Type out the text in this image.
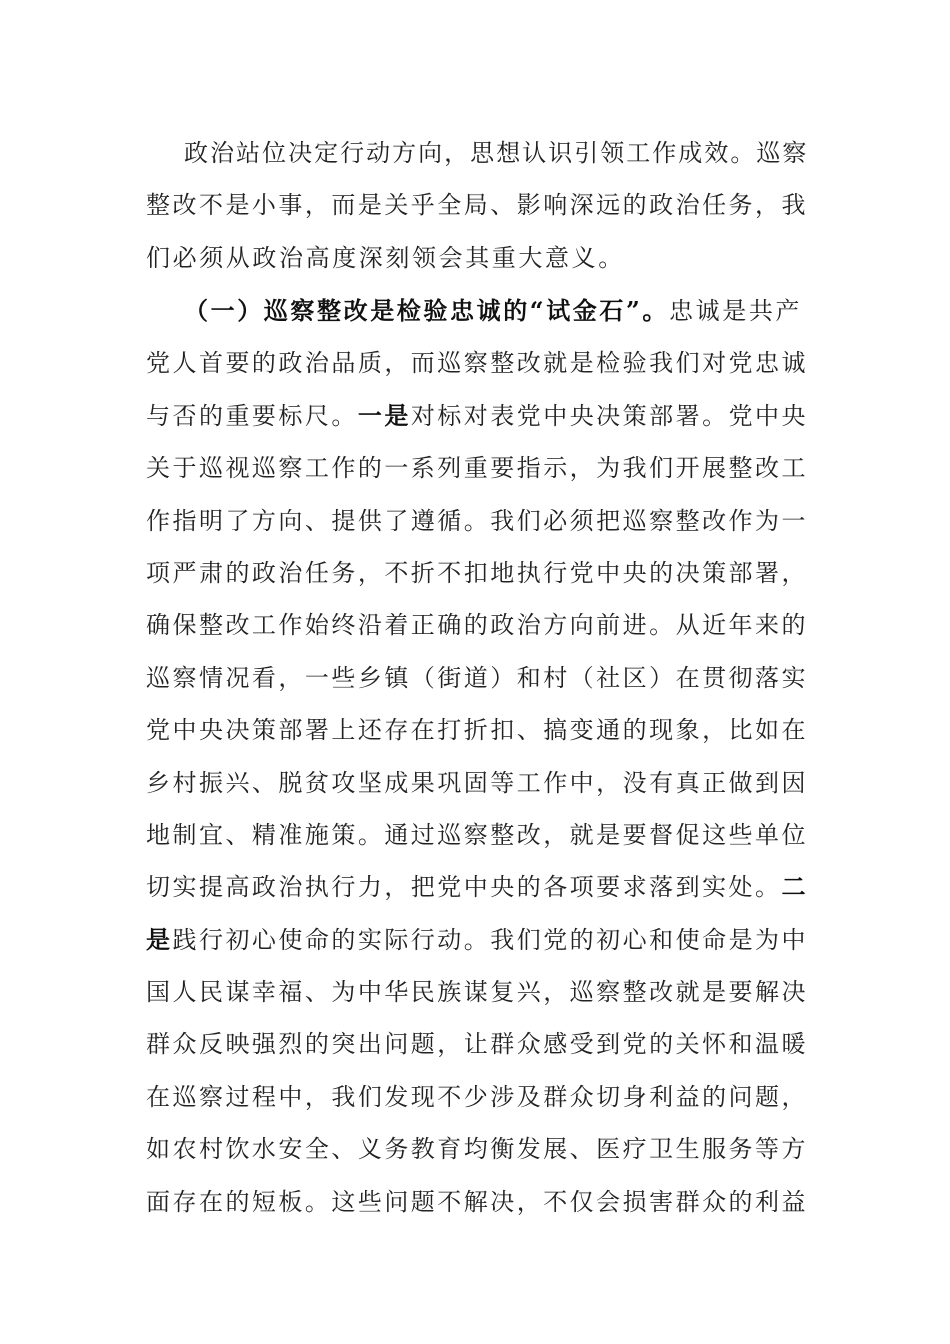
政治站位决定行动方向，思想认识引领工作成效。巡察
整改不是小事，而是关乎全局、影响深远的政治任务，我
们必须从政治高度深刻领会其重大意义。
（一）巡察整改是检验忠诚的“试金石”。忠诚是共产
党人首要的政治品质，而巡察整改就是检验我们对党忠诚
与否的重要标尺。一是对标对表党中央决策部署。党中央
关于巡视巡察工作的一系列重要指示，为我们开展整改工
作指明了方向、提供了遵循。我们必须把巡察整改作为一
项严肃的政治任务，不折不扣地执行党中央的决策部署，
确保整改工作始终沿着正确的政治方向前进。从近年来的
巡察情况看，一些乡镇（街道）和村（社区）在贯彻落实
党中央决策部署上还存在打折扣、搞变通的现象，比如在
乡村振兴、脱贫攻坚成果巩固等工作中，没有真正做到因
地制宜、精准施策。通过巡察整改，就是要督促这些单位
切实提高政治执行力，把党中央的各项要求落到实处。二
是践行初心使命的实际行动。我们党的初心和使命是为中
国人民谋幸福、为中华民族谋复兴，巡察整改就是要解决
群众反映强烈的突出问题，让群众感受到党的关怀和温暖
在巡察过程中，我们发现不少涉及群众切身利益的问题，
如农村饮水安全、义务教育均衡发展、医疗卫生服务等方
面存在的短板。这些问题不解决，不仅会损害群众的利益
